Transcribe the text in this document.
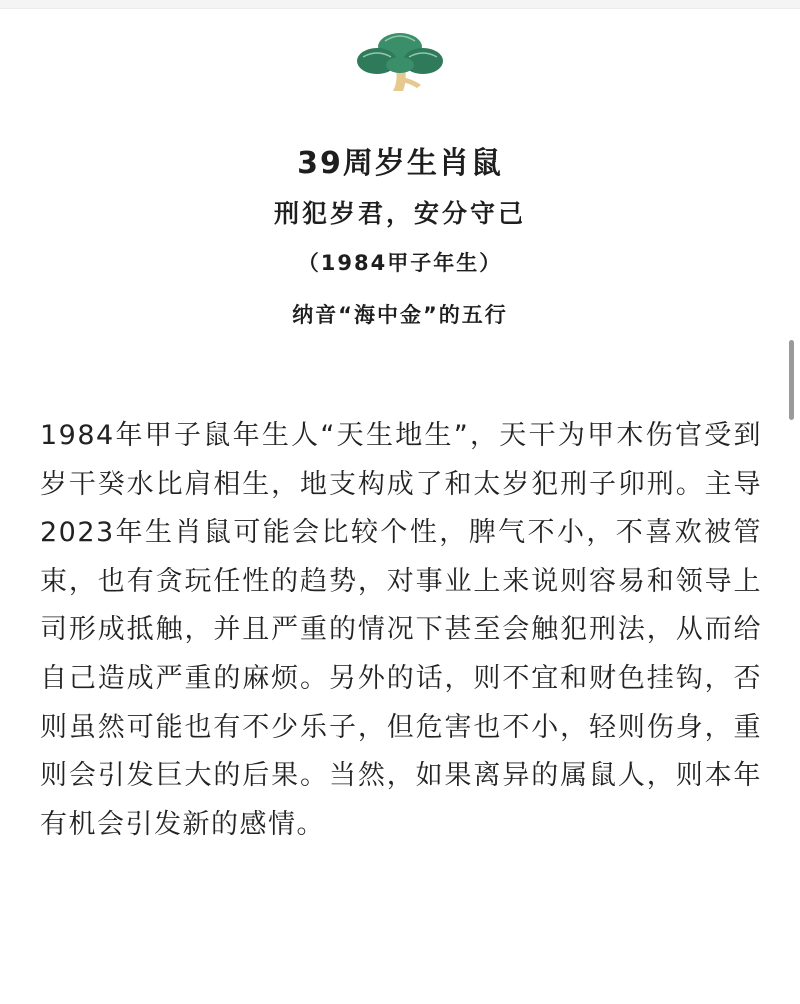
39周岁生肖鼠
刑犯岁君，安分守己
（1984甲子年生）
纳音“海中金”的五行

1984年甲子鼠年生人“天生地生”，天干为甲木伤官受到岁干癸水比肩相生，地支构成了和太岁犯刑子卯刑。主导2023年生肖鼠可能会比较个性，脾气不小，不喜欢被管束，也有贪玩任性的趋势，对事业上来说则容易和领导上司形成抵触，并且严重的情况下甚至会触犯刑法，从而给自己造成严重的麻烦。另外的话，则不宜和财色挂钩，否则虽然可能也有不少乐子，但危害也不小，轻则伤身，重则会引发巨大的后果。当然，如果离异的属鼠人，则本年有机会引发新的感情。
